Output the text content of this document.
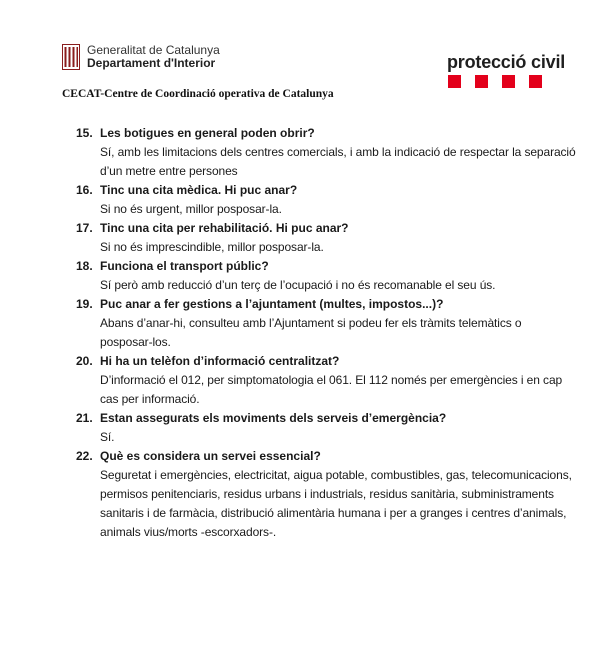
Generalitat de Catalunya
Departament d'Interior	protecció civil
CECAT-Centre de Coordinació operativa de Catalunya
15. Les botigues en general poden obrir?
Sí, amb les limitacions dels centres comercials, i amb la indicació de respectar la separació d’un metre entre persones
16. Tinc una cita mèdica. Hi puc anar?
Si no és urgent, millor posposar-la.
17. Tinc una cita per rehabilitació. Hi puc anar?
Si no és imprescindible, millor posposar-la.
18. Funciona el transport públic?
Sí però amb reducció d’un terç de l’ocupació i no és recomanable el seu ús.
19. Puc anar a fer gestions a l’ajuntament (multes, impostos...)?
Abans d’anar-hi, consulteu amb l’Ajuntament si podeu fer els tràmits telemàtics o posposar-los.
20. Hi ha un telèfon d’informació centralitzat?
D’informació el 012, per simptomatologia el 061. El 112 només per emergències i en cap cas per informació.
21. Estan assegurats els moviments dels serveis d’emergència?
Sí.
22. Què es considera un servei essencial?
Seguretat i emergències, electricitat, aigua potable, combustibles, gas, telecomunicacions, permisos penitenciaris, residus urbans i industrials, residus sanitària, subministraments sanitaris i de farmàcia, distribució alimentària humana i per a granges i centres d’animals, animals vius/morts -escorxadors-.
